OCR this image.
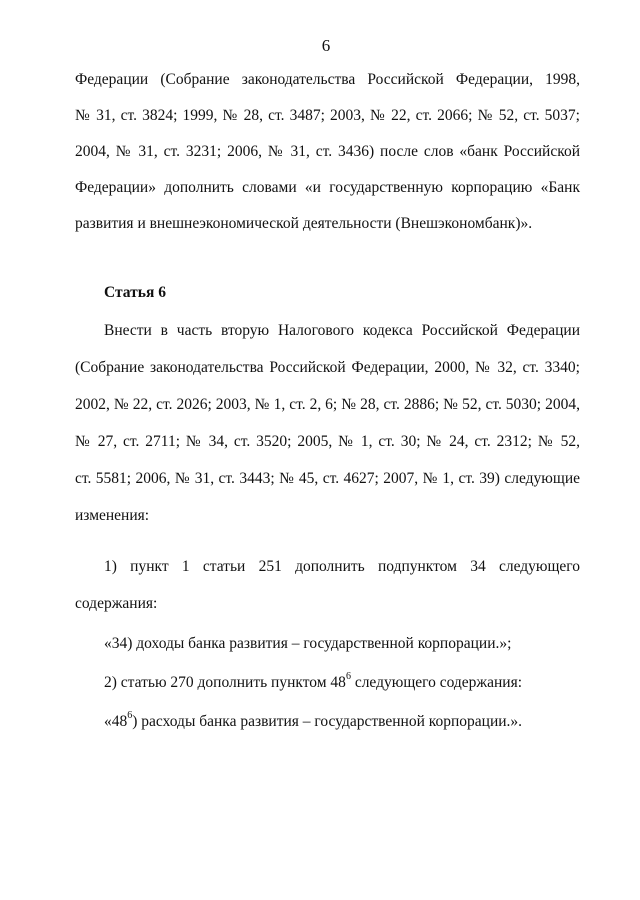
6
Федерации (Собрание законодательства Российской Федерации, 1998,
№ 31, ст. 3824; 1999, № 28, ст. 3487; 2003, № 22, ст. 2066; № 52, ст. 5037;
2004, № 31, ст. 3231; 2006, № 31, ст. 3436) после слов «банк Российской
Федерации» дополнить словами «и государственную корпорацию «Банк
развития и внешнеэкономической деятельности (Внешэкономбанк)».
Статья 6
Внести в часть вторую Налогового кодекса Российской Федерации
(Собрание законодательства Российской Федерации, 2000, № 32, ст. 3340;
2002, № 22, ст. 2026; 2003, № 1, ст. 2, 6; № 28, ст. 2886; № 52, ст. 5030; 2004,
№ 27, ст. 2711; № 34, ст. 3520; 2005, № 1, ст. 30; № 24, ст. 2312; № 52,
ст. 5581; 2006, № 31, ст. 3443; № 45, ст. 4627; 2007, № 1, ст. 39) следующие
изменения:
1) пункт 1 статьи 251 дополнить подпунктом 34 следующего
содержания:
«34) доходы банка развития – государственной корпорации.»;
2) статью 270 дополнить пунктом $48^6$ следующего содержания:
«$48^6$) расходы банка развития – государственной корпорации.».
